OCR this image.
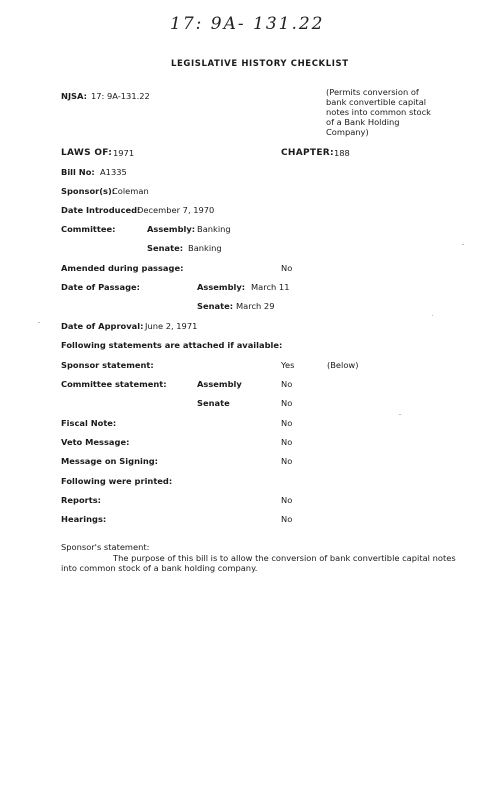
17: 9A- 131.22
LEGISLATIVE HISTORY CHECKLIST
NJSA: 17: 9A-131.22	(Permits conversion of
bank convertible capital
notes into common stock
of a Bank Holding
Company)
LAWS OF: 1971	CHAPTER: 188
Bill No: A1335
Sponsor(s):
Coleman
Date Introduced:
December 7, 1970
Committee:	Assembly: Banking
Senate: Banking
Amended during passage:	No
Date of Passage:	Assembly: March 11
Senate: March 29
Date of Approval: June 2, 1971
Following statements are attached if available:
Sponsor statement:	Yes	(Below)
Committee statement:	Assembly	No
Senate	No
Fiscal Note:	No
Veto Message:	No
Message on Signing:	No
Following were printed:
Reports:	No
Hearings:	No

Sponsor's statement:

The purpose of this bill is to allow the conversion of bank convertible capital notes into common stock of a bank holding company.
